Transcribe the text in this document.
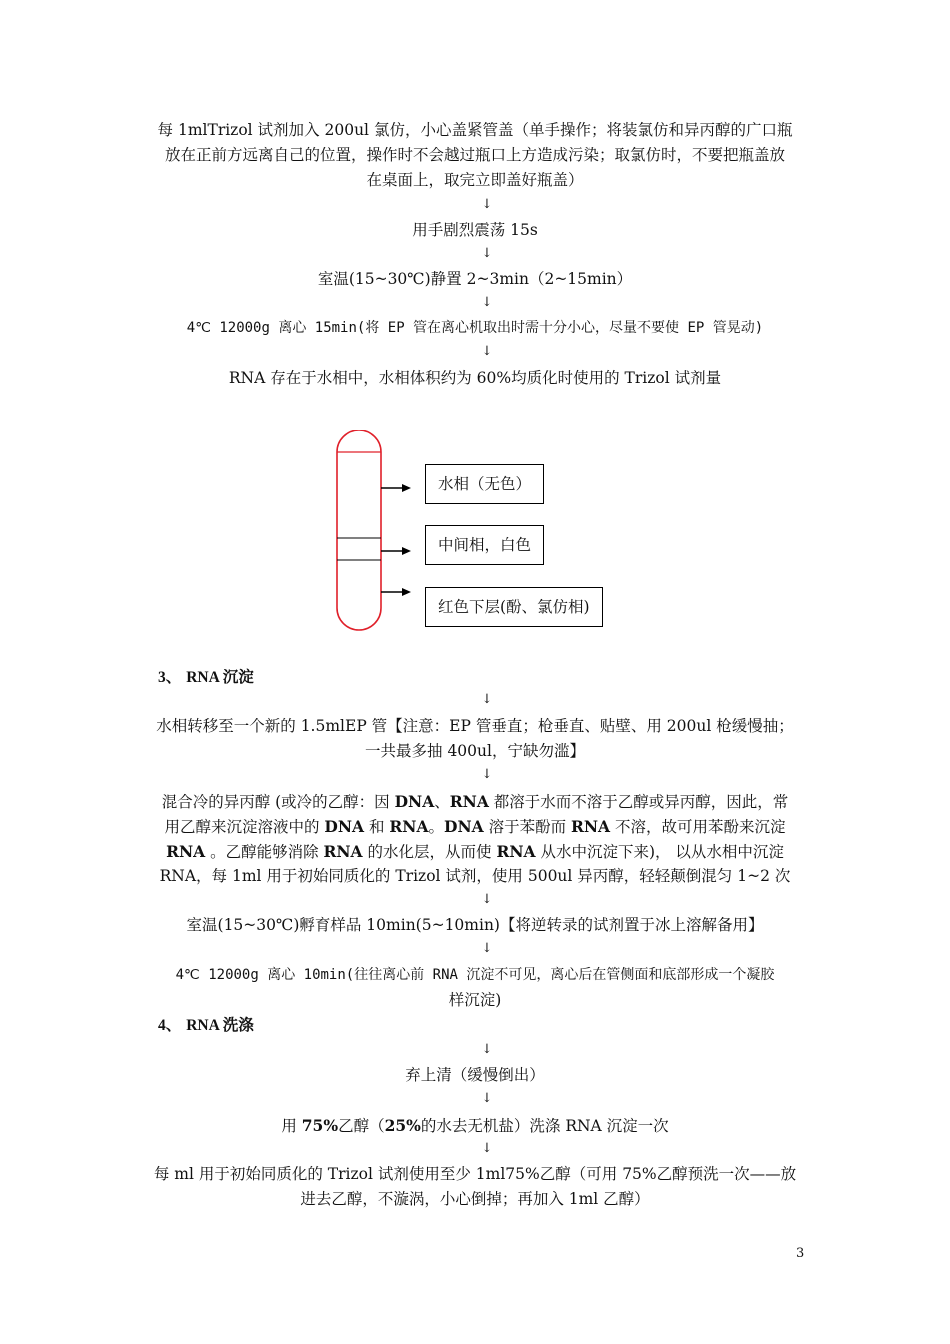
每 1mlTrizol 试剂加入 200ul 氯仿，小心盖紧管盖（单手操作；将装氯仿和异丙醇的广口瓶
放在正前方远离自己的位置，操作时不会越过瓶口上方造成污染；取氯仿时，不要把瓶盖放
在桌面上，取完立即盖好瓶盖）
↓
用手剧烈震荡 15s
↓
室温(15~30℃)静置 2~3min（2~15min）
↓
4℃ 12000g 离心 15min(将 EP 管在离心机取出时需十分小心，尽量不要使 EP 管晃动)
↓
RNA 存在于水相中，水相体积约为 60%均质化时使用的 Trizol 试剂量
水相（无色）
中间相，白色
红色下层(酚、氯仿相)
3、 RNA 沉淀
↓
水相转移至一个新的 1.5mlEP 管【注意：EP 管垂直；枪垂直、贴壁、用 200ul 枪缓慢抽；
一共最多抽 400ul，宁缺勿滥】
↓
混合冷的异丙醇 (或冷的乙醇：因 DNA、RNA 都溶于水而不溶于乙醇或异丙醇，因此，常
用乙醇来沉淀溶液中的 DNA 和 RNA。DNA 溶于苯酚而 RNA 不溶，故可用苯酚来沉淀
RNA 。乙醇能够消除 RNA 的水化层，从而使 RNA 从水中沉淀下来)， 以从水相中沉淀
RNA，每 1ml 用于初始同质化的 Trizol 试剂，使用 500ul 异丙醇，轻轻颠倒混匀 1~2 次
↓
室温(15~30℃)孵育样品 10min(5~10min)【将逆转录的试剂置于冰上溶解备用】
↓
4℃ 12000g 离心 10min(往往离心前 RNA 沉淀不可见，离心后在管侧面和底部形成一个凝胶
样沉淀)
4、 RNA 洗涤
↓
弃上清（缓慢倒出）
↓
用 75%乙醇（25%的水去无机盐）洗涤 RNA 沉淀一次
↓
每 ml 用于初始同质化的 Trizol 试剂使用至少 1ml75%乙醇（可用 75%乙醇预洗一次——放
进去乙醇，不漩涡，小心倒掉；再加入 1ml 乙醇）
3
